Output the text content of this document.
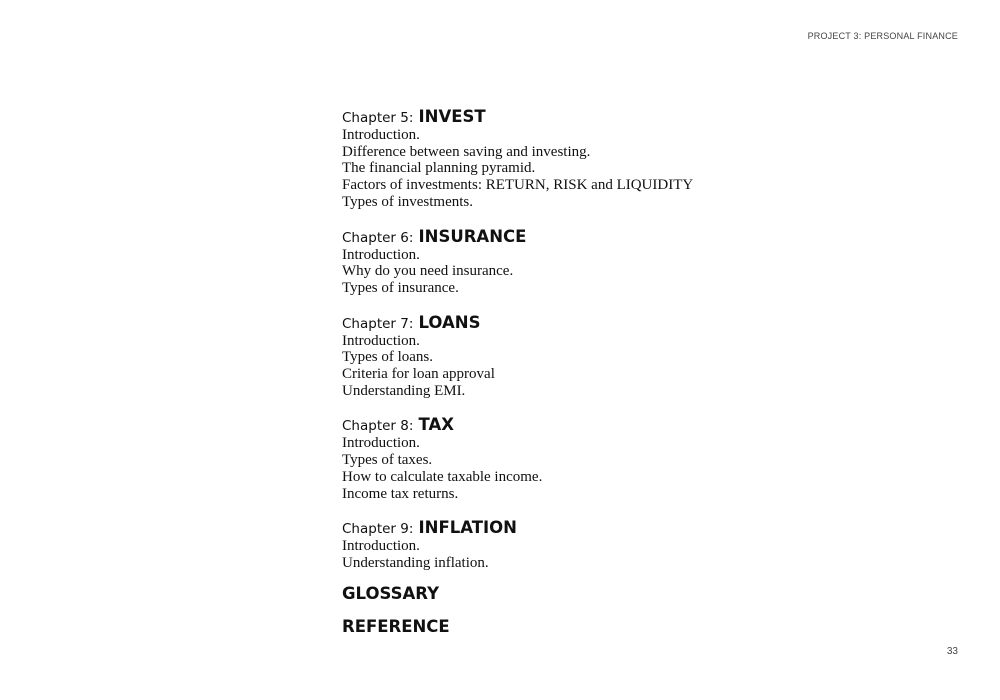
PROJECT 3: PERSONAL FINANCE
Chapter 5: INVEST
Introduction.
Difference between saving and investing.
The financial planning pyramid.
Factors of investments: RETURN, RISK and LIQUIDITY
Types of investments.
Chapter 6: INSURANCE
Introduction.
Why do you need insurance.
Types of insurance.
Chapter 7: LOANS
Introduction.
Types of loans.
Criteria for loan approval
Understanding EMI.
Chapter 8: TAX
Introduction.
Types of taxes.
How to calculate taxable income.
Income tax returns.
Chapter 9: INFLATION
Introduction.
Understanding inflation.
GLOSSARY
REFERENCE
33
